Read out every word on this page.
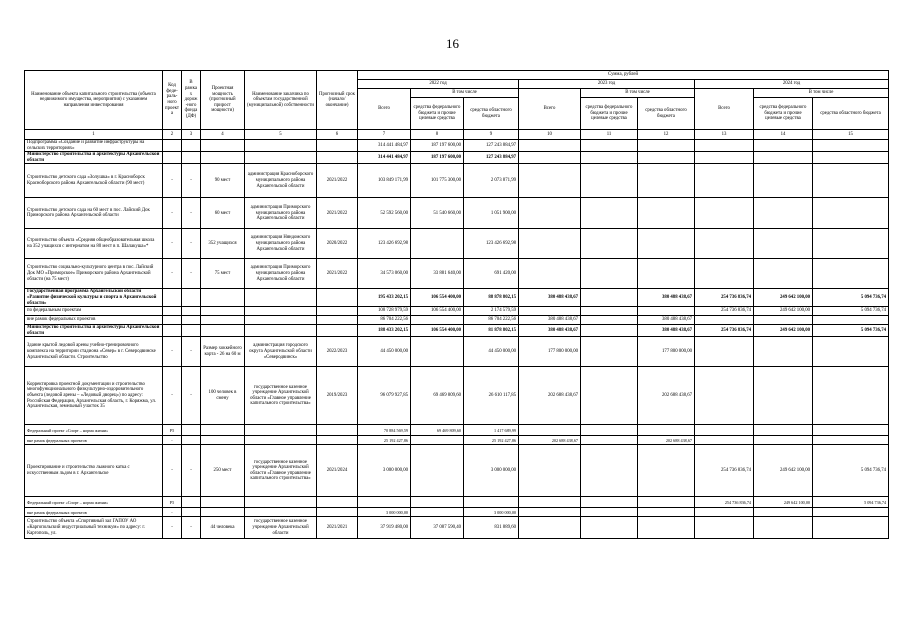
16
Наименование объекта капитального строительства (объекта недвижимого имущества, мероприятия) с указанием направления инвестирования	Код феде-раль-ного проекта	В рамках дорож-ного фонда (ДФ)	Проектная мощность (прогнозный прирост мощности)	Наименование заказчика по объектам государственной (муниципальной) собственности	Прогнозный срок (начало/окончание)	Сумма, рублей								
						2022 год			2023 год			2024 год		
						Всего	В том числе		Всего	В том числе		Всего	В том числе	
							средства федерального бюджета и прочие целевые средства	средства областного бюджета		средства федерального бюджета и прочие целевые средства	средства областного бюджета		средства федерального бюджета и прочие целевые средства	средства областного бюджета
1	2	3	4	5	6	7	8	9	10	11	12	13	14	15
Подпрограмма «Создание и развитие инфраструктуры на сельских территориях»						314 441 484,97	187 197 600,00	127 243 884,97						
Министерство строительства и архитектуры Архангельской области						314 441 484,97	187 197 600,00	127 243 884,97						
Строительство детского сада «Золушка» в г. Красноборск Красноборского района Архангельской области (90 мест)	-	-	90 мест	администрация Красноборского муниципального района Архангельской области	2021/2022	103 849 171,99	101 775 300,00	2 073 871,99						
Строительство детского сада на 60 мест в пос. Лайский Док Приморского района Архангельской области	-	-	60 мест	администрация Приморского муниципального района Архангельской области	2021/2022	52 592 560,00	51 540 660,00	1 051 900,00						
Строительство объекта «Средняя общеобразовательная школа на 352 учащихся с интернатом на 80 мест в п. Шалакуша»*	-	-	352 учащихся	администрация Няндомского муниципального района Архангельской области	2020/2022	123 426 692,98		123 426 692,98						
Строительство социально-культурного центра в пос. Лайский Док МО «Приморское» Приморского района Архангельской области (на 75 мест)	-	-	75 мест	администрация Приморского муниципального района Архангельской области	2021/2022	34 573 060,00	33 881 640,00	691 420,00						
Государственная программа Архангельской области «Развитие физической культуры и спорта в Архангельской области»						195 433 202,15	106 554 400,00	88 878 802,15	380 488 438,67		380 488 438,67	254 736 836,74	249 642 100,00	5 094 736,74
по федеральным проектам						108 728 979,59	106 554 400,00	2 174 579,59				254 736 836,74	249 642 100,00	5 094 736,74
вне рамок федеральных проектов						86 704 222,56		86 704 222,56	380 488 438,67		380 488 438,67			
Министерство строительства и архитектуры Архангельской области						188 433 202,15	106 554 400,00	81 878 802,15	380 488 438,67		380 488 438,67	254 736 836,74	249 642 100,00	5 094 736,74
Здание крытой ледовой арены учебно-тренировочного комплекса на территории стадиона «Север» в г. Северодвинске Архангельской области. Строительство	-	-	Размер хоккейного корта - 26 на 60 м	администрация городского округа Архангельской области «Северодвинск»	2022/2023	44 450 000,00		44 450 000,00	177 800 000,00		177 800 000,00			
Корректировка проектной документации и строительство многофункционального физкультурно-оздоровительного объекта (ледовой арены – «Ледовый дворец») по адресу: Российская Федерация, Архангельская область, г. Коряжма, ул. Архангельская, земельный участок 35	-	-	100 человек в смену	государственное казенное учреждение Архангельской области «Главное управление капитального строительства»	2019/2023	96 079 927,85	69 469 809,60	26 610 117,85	202 688 438,67		202 688 438,67			
Федеральный проект «Спорт – норма жизни»	P5					70 884 569,59	69 469 809,60	1 417 689,99						
вне рамок федеральных проектов	-					25 192 427,86		25 192 427,86	202 688 438,67		202 688 438,67			
Проектирование и строительство лыжного катка с искусственным льдом в г. Архангельске	-	-	250 мест	государственное казенное учреждение Архангельской области «Главное управление капитального строительства»	2021/2024	3 000 000,00		3 000 000,00				254 736 836,74	249 642 100,00	5 094 736,74
Федеральный проект «Спорт – норма жизни»	P5											254 736 836,74	249 642 100,00	5 094 736,74
вне рамок федеральных проектов	-					3 000 000,00		3 000 000,00						
Строительство объекта «Спортивный зал ГАПОУ АО «Каргопольский индустриальный техникум» по адресу: г. Каргополь, ул.	-	-	44 человека	государственное казенное учреждение Архангельской области	2021/2021	37 919 480,00	37 087 590,40	831 889,60						
